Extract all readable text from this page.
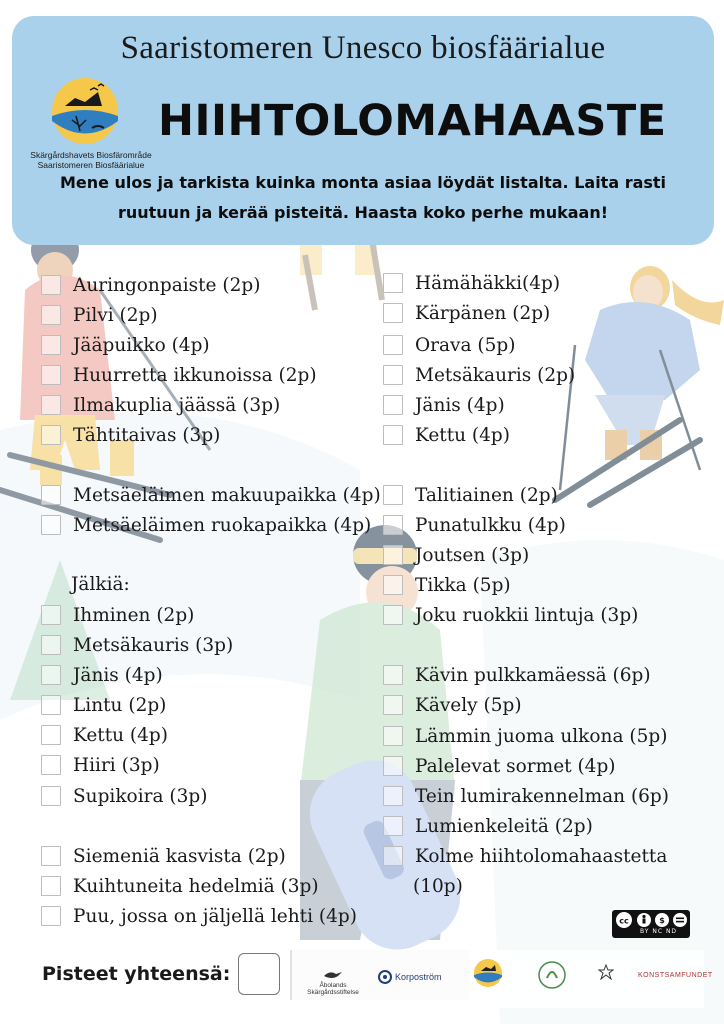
Saaristomeren Unesco biosfäärialue
Skärgårdshavets Biosfärområde
Saaristomeren Biosfäärialue
HIIHTOLOMAHAASTE
Mene ulos ja tarkista kuinka monta asiaa löydät listalta. Laita rasti
ruutuun ja kerää pisteitä. Haasta koko perhe mukaan!
Auringonpaiste (2p)
Pilvi (2p)
Jääpuikko (4p)
Huurretta ikkunoissa (2p)
Ilmakuplia jäässä (3p)
Tähtitaivas (3p)
Metsäeläimen makuupaikka (4p)
Metsäeläimen ruokapaikka (4p)
Jälkiä:
Ihminen (2p)
Metsäkauris (3p)
Jänis (4p)
Lintu (2p)
Kettu (4p)
Hiiri (3p)
Supikoira (3p)
Siemeniä kasvista (2p)
Kuihtuneita hedelmiä (3p)
Puu, jossa on jäljellä lehti (4p)
Hämähäkki(4p)
Kärpänen (2p)
Orava (5p)
Metsäkauris (2p)
Jänis (4p)
Kettu (4p)
Talitiainen (2p)
Punatulkku (4p)
Joutsen (3p)
Tikka (5p)
Joku ruokkii lintuja (3p)
Kävin pulkkamäessä (6p)
Kävely (5p)
Lämmin juoma ulkona (5p)
Palelevat sormet (4p)
Tein lumirakennelman (6p)
Lumienkeleitä (2p)
Kolme hiihtolomahaastetta
(10p)
cc	$
BY NC ND
Pisteet yhteensä:
Åbolands Skärgårdsstiftelse
Korpoström	KONSTSAMFUNDET
